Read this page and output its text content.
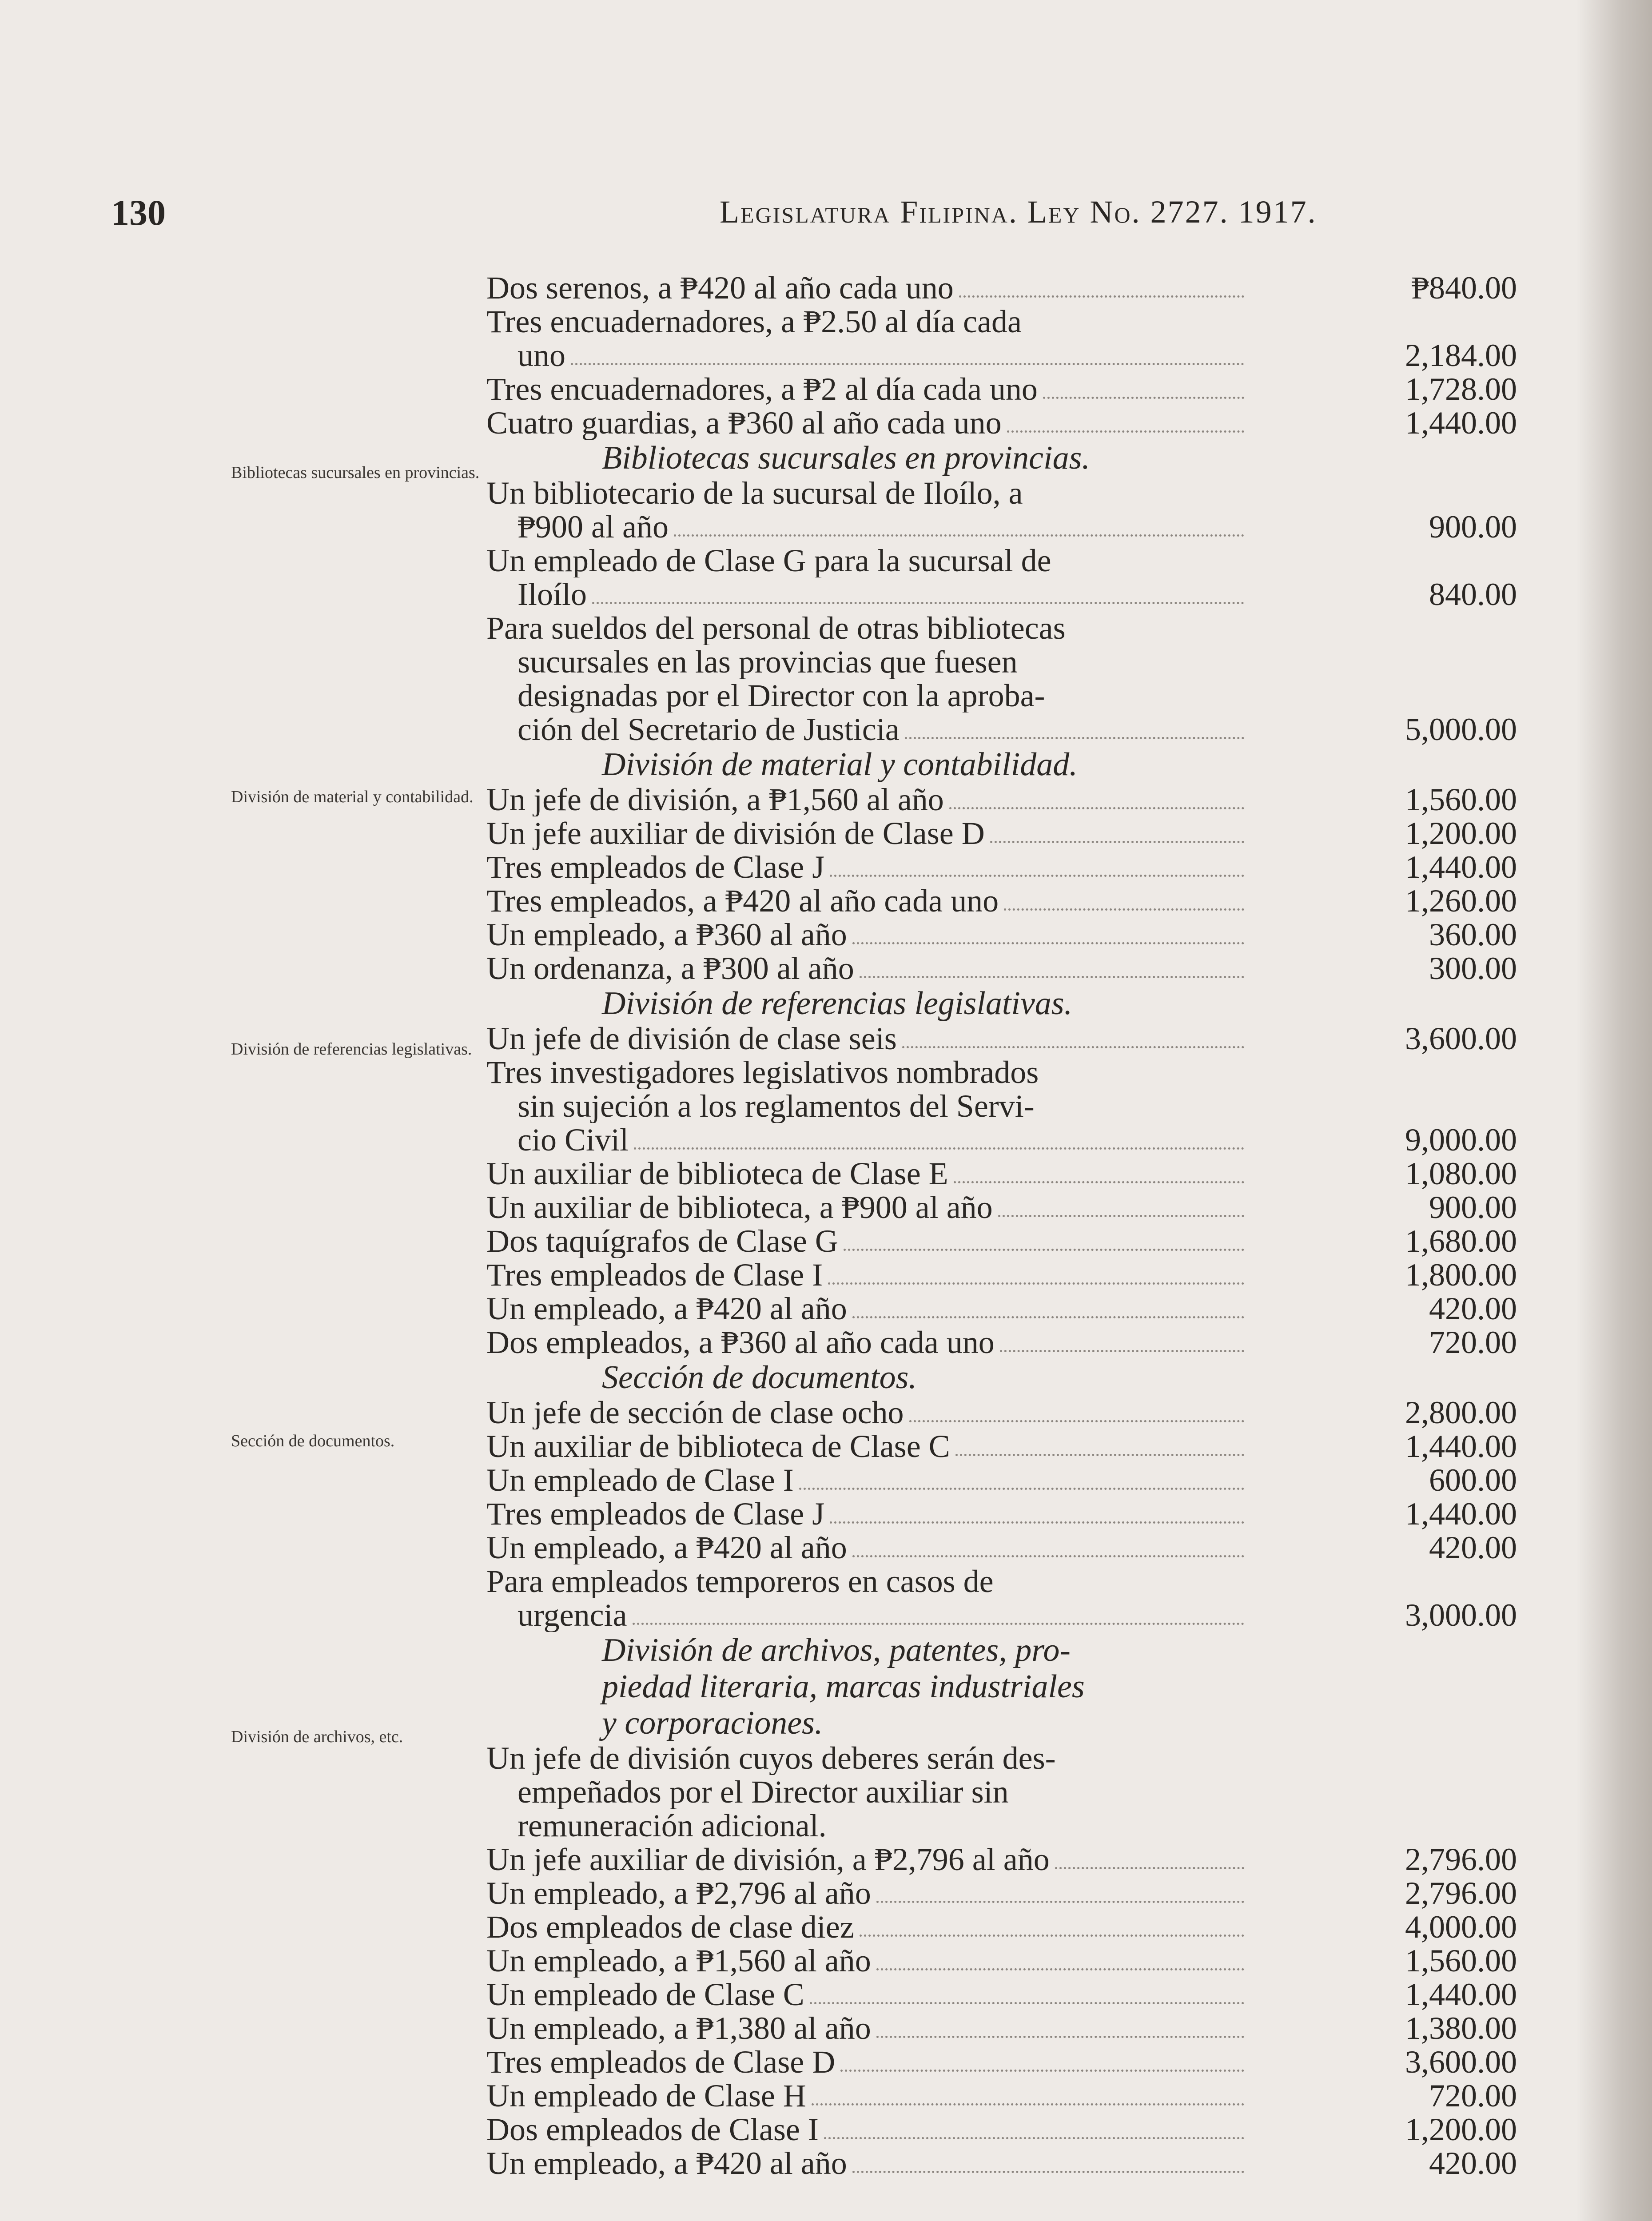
130	Legislatura Filipina. Ley No. 2727. 1917.
Bibliotecas sucursales en provincias.
División de material y contabilidad.
División de referencias legislativas.
Sección de documentos.
División de archivos, etc.
Dos serenos, a ₱420 al año cada uno	₱840.00
Tres encuadernadores, a ₱2.50 al día cada
uno	2,184.00
Tres encuadernadores, a ₱2 al día cada uno	1,728.00
Cuatro guardias, a ₱360 al año cada uno	1,440.00
Bibliotecas sucursales en provincias.
Un bibliotecario de la sucursal de Iloílo, a
₱900 al año	900.00
Un empleado de Clase G para la sucursal de
Iloílo	840.00
Para sueldos del personal de otras bibliotecas
sucursales en las provincias que fuesen
designadas por el Director con la aproba-
ción del Secretario de Justicia	5,000.00
División de material y contabilidad.
Un jefe de división, a ₱1,560 al año	1,560.00
Un jefe auxiliar de división de Clase D	1,200.00
Tres empleados de Clase J	1,440.00
Tres empleados, a ₱420 al año cada uno	1,260.00
Un empleado, a ₱360 al año	360.00
Un ordenanza, a ₱300 al año	300.00
División de referencias legislativas.
Un jefe de división de clase seis	3,600.00
Tres investigadores legislativos nombrados
sin sujeción a los reglamentos del Servi-
cio Civil	9,000.00
Un auxiliar de biblioteca de Clase E	1,080.00
Un auxiliar de biblioteca, a ₱900 al año	900.00
Dos taquígrafos de Clase G	1,680.00
Tres empleados de Clase I	1,800.00
Un empleado, a ₱420 al año	420.00
Dos empleados, a ₱360 al año cada uno	720.00
Sección de documentos.
Un jefe de sección de clase ocho	2,800.00
Un auxiliar de biblioteca de Clase C	1,440.00
Un empleado de Clase I	600.00
Tres empleados de Clase J	1,440.00
Un empleado, a ₱420 al año	420.00
Para empleados temporeros en casos de
urgencia	3,000.00
División de archivos, patentes, pro-
piedad literaria, marcas industriales
y corporaciones.
Un jefe de división cuyos deberes serán des-
empeñados por el Director auxiliar sin
remuneración adicional.
Un jefe auxiliar de división, a ₱2,796 al año	2,796.00
Un empleado, a ₱2,796 al año	2,796.00
Dos empleados de clase diez	4,000.00
Un empleado, a ₱1,560 al año	1,560.00
Un empleado de Clase C	1,440.00
Un empleado, a ₱1,380 al año	1,380.00
Tres empleados de Clase D	3,600.00
Un empleado de Clase H	720.00
Dos empleados de Clase I	1,200.00
Un empleado, a ₱420 al año	420.00
